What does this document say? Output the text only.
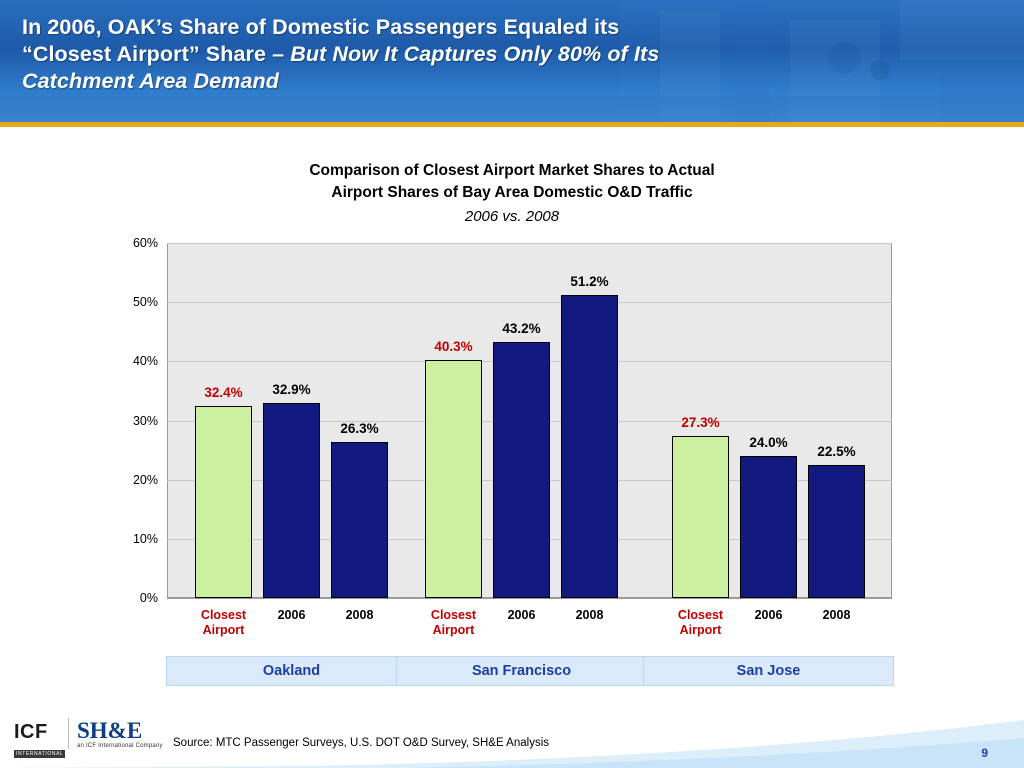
In 2006, OAK’s Share of Domestic Passengers Equaled its
“Closest Airport” Share – But Now It Captures Only 80% of Its
Catchment Area Demand
Comparison of Closest Airport Market Shares to Actual
Airport Shares of Bay Area Domestic O&D Traffic
2006 vs. 2008
0%
10%
20%
30%
40%
50%
60%
32.4% 32.9%
26.3%
40.3%
43.2%
51.2%
27.3%
24.0%
22.5%
Closest
Airport
2006	2008	Closest
Airport
2006	2008	Closest
Airport
2006	2008
Oakland	San Francisco	San Jose
Source: MTC Passenger Surveys, U.S. DOT O&D Survey, SH&E Analysis
9
ICF
INTERNATIONAL
SH&E
an ICF International Company
